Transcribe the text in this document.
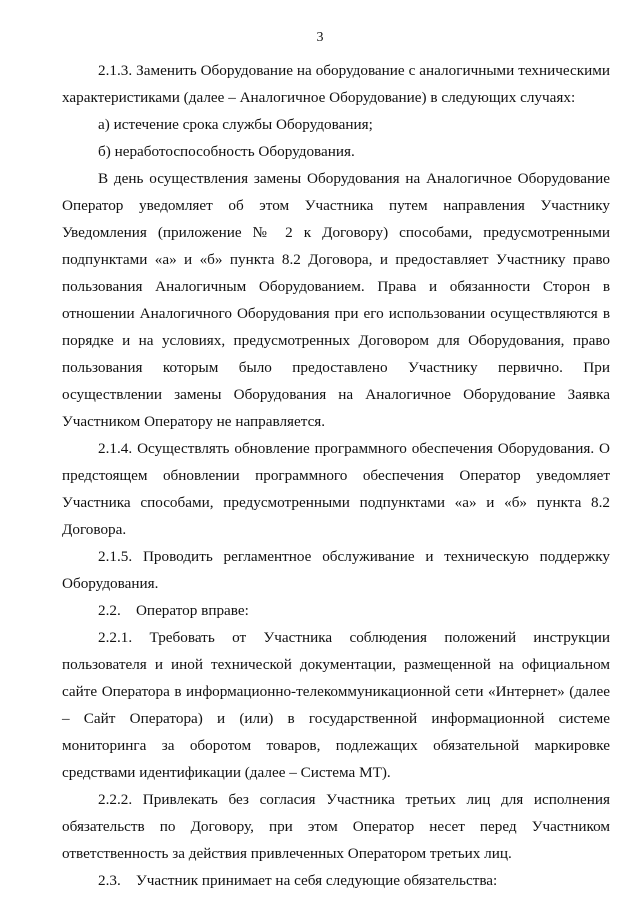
3

2.1.3. Заменить Оборудование на оборудование с аналогичными техническими характеристиками (далее – Аналогичное Оборудование) в следующих случаях:

а) истечение срока службы Оборудования;

б) неработоспособность Оборудования.

В день осуществления замены Оборудования на Аналогичное Оборудование Оператор уведомляет об этом Участника путем направления Участнику Уведомления (приложение № 2 к Договору) способами, предусмотренными подпунктами «а» и «б» пункта 8.2 Договора, и предоставляет Участнику право пользования Аналогичным Оборудованием. Права и обязанности Сторон в отношении Аналогичного Оборудования при его использовании осуществляются в порядке и на условиях, предусмотренных Договором для Оборудования, право пользования которым было предоставлено Участнику первично. При осуществлении замены Оборудования на Аналогичное Оборудование Заявка Участником Оператору не направляется.

2.1.4. Осуществлять обновление программного обеспечения Оборудования. О предстоящем обновлении программного обеспечения Оператор уведомляет Участника способами, предусмотренными подпунктами «а» и «б» пункта 8.2 Договора.

2.1.5. Проводить регламентное обслуживание и техническую поддержку Оборудования.

2.2.    Оператор вправе:

2.2.1. Требовать от Участника соблюдения положений инструкции пользователя и иной технической документации, размещенной на официальном сайте Оператора в информационно-телекоммуникационной сети «Интернет» (далее – Сайт Оператора) и (или) в государственной информационной системе мониторинга за оборотом товаров, подлежащих обязательной маркировке средствами идентификации (далее – Система МТ).

2.2.2. Привлекать без согласия Участника третьих лиц для исполнения обязательств по Договору, при этом Оператор несет перед Участником ответственность за действия привлеченных Оператором третьих лиц.

2.3.    Участник принимает на себя следующие обязательства:
